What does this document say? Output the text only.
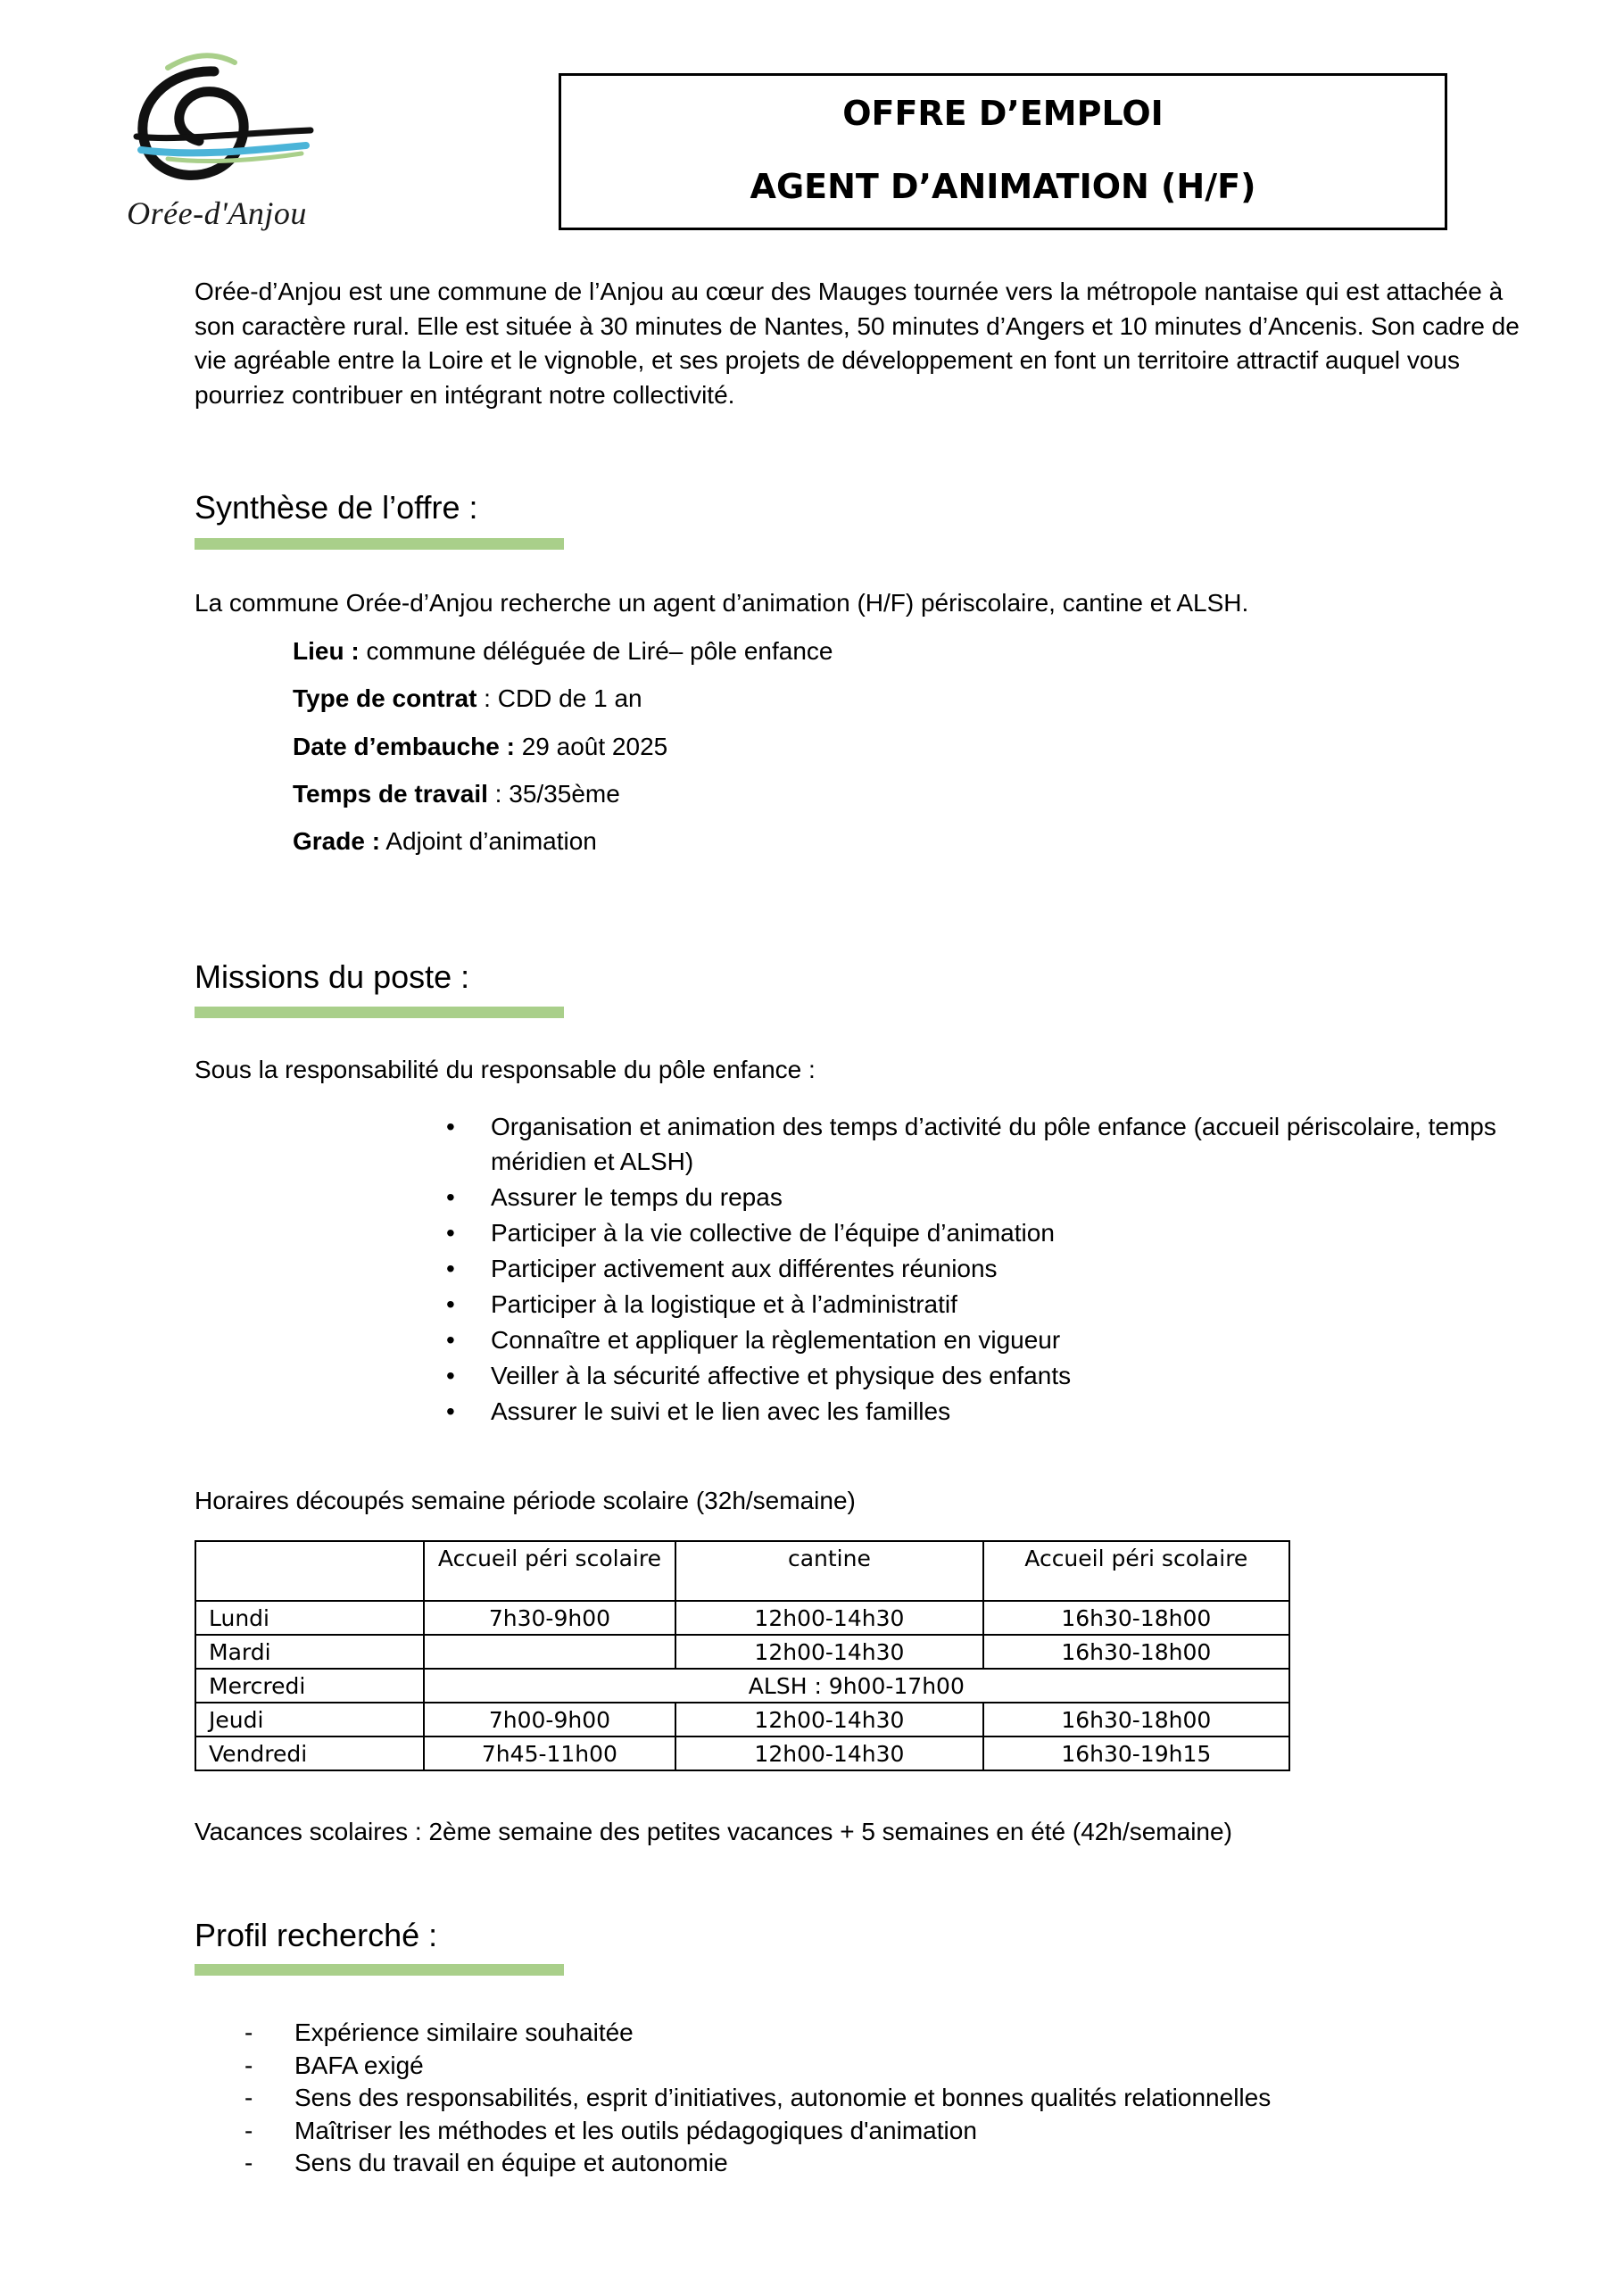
Orée-d'Anjou
OFFRE D’EMPLOI
AGENT D’ANIMATION (H/F)
Orée-d’Anjou est une commune de l’Anjou au cœur des Mauges tournée vers la métropole nantaise qui est attachée à son caractère rural. Elle est située à 30 minutes de Nantes, 50 minutes d’Angers et 10 minutes d’Ancenis. Son cadre de vie agréable entre la Loire et le vignoble, et ses projets de développement en font un territoire attractif auquel vous pourriez contribuer en intégrant notre collectivité.
Synthèse de l’offre :
La commune Orée-d’Anjou recherche un agent d’animation (H/F) périscolaire, cantine et ALSH.
Lieu : commune déléguée de Liré– pôle enfance
Type de contrat : CDD de 1 an
Date d’embauche : 29 août 2025
Temps de travail : 35/35ème
Grade : Adjoint d’animation
Missions du poste :
Sous la responsabilité du responsable du pôle enfance :
• Organisation et animation des temps d’activité du pôle enfance (accueil périscolaire, temps méridien et ALSH)
• Assurer le temps du repas
• Participer à la vie collective de l’équipe d’animation
• Participer activement aux différentes réunions
• Participer à la logistique et à l’administratif
• Connaître et appliquer la règlementation en vigueur
• Veiller à la sécurité affective et physique des enfants
• Assurer le suivi et le lien avec les familles
Horaires découpés semaine période scolaire (32h/semaine)
	Accueil péri scolaire	cantine	Accueil péri scolaire
Lundi	7h30-9h00	12h00-14h30	16h30-18h00
Mardi		12h00-14h30	16h30-18h00
Mercredi	ALSH : 9h00-17h00		
Jeudi	7h00-9h00	12h00-14h30	16h30-18h00
Vendredi	7h45-11h00	12h00-14h30	16h30-19h15
Vacances scolaires : 2ème semaine des petites vacances + 5 semaines en été (42h/semaine)
Profil recherché :
- Expérience similaire souhaitée
- BAFA exigé
- Sens des responsabilités, esprit d’initiatives, autonomie et bonnes qualités relationnelles
- Maîtriser les méthodes et les outils pédagogiques d'animation
- Sens du travail en équipe et autonomie
